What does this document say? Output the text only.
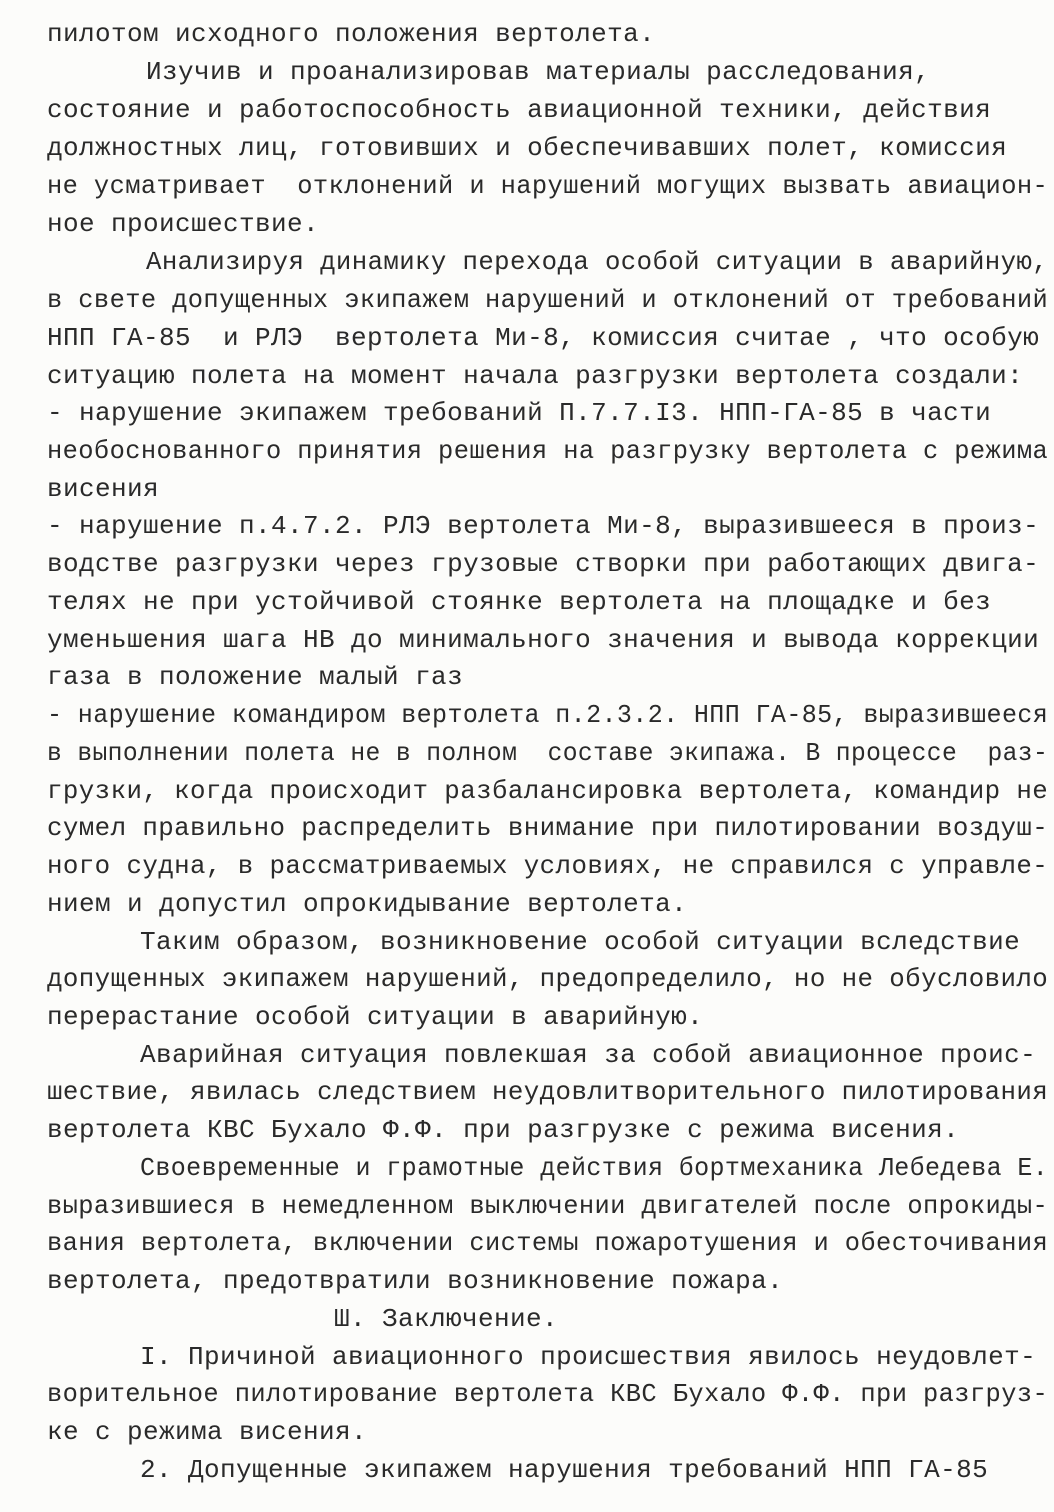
пилотом исходного положения вертолета.

Изучив и проанализировав материалы расследования,

состояние и работоспособность авиационной техники, действия

должностных лиц, готовивших и обеспечивавших полет, комиссия

не усматривает  отклонений и нарушений могущих вызвать авиацион-

ное происшествие.

Анализируя динамику перехода особой ситуации в аварийную,

в свете допущенных экипажем нарушений и отклонений от требований

НПП ГА-85  и РЛЭ  вертолета Ми-8, комиссия считае , что особую

ситуацию полета на момент начала разгрузки вертолета создали:

- нарушение экипажем требований П.7.7.I3. НПП-ГА-85 в части

необоснованного принятия решения на разгрузку вертолета с режима

висения

- нарушение п.4.7.2. РЛЭ вертолета Ми-8, выразившееся в произ-

водстве разгрузки через грузовые створки при работающих двига-

телях не при устойчивой стоянке вертолета на площадке и без

уменьшения шага НВ до минимального значения и вывода коррекции

газа в положение малый газ

- нарушение командиром вертолета п.2.3.2. НПП ГА-85, выразившееся

в выполнении полета не в полном  составе экипажа. В процессе  раз-

грузки, когда происходит разбалансировка вертолета, командир не

сумел правильно распределить внимание при пилотировании воздуш-

ного судна, в рассматриваемых условиях, не справился с управле-

нием и допустил опрокидывание вертолета.

Таким образом, возникновение особой ситуации вследствие

допущенных экипажем нарушений, предопределило, но не обусловило

перерастание особой ситуации в аварийную.

Аварийная ситуация повлекшая за собой авиационное проис-

шествие, явилась следствием неудовлитворительного пилотирования

вертолета КВС Бухало Ф.Ф. при разгрузке с режима висения.

Своевременные и грамотные действия бортмеханика Лебедева Е.

выразившиеся в немедленном выключении двигателей после опрокиды-

вания вертолета, включении системы пожаротушения и обесточивания

вертолета, предотвратили возникновение пожара.

Ш. Заключение.

I. Причиной авиационного происшествия явилось неудовлет-

ворительное пилотирование вертолета КВС Бухало Ф.Ф. при разгруз-

ке с режима висения.

2. Допущенные экипажем нарушения требований НПП ГА-85
